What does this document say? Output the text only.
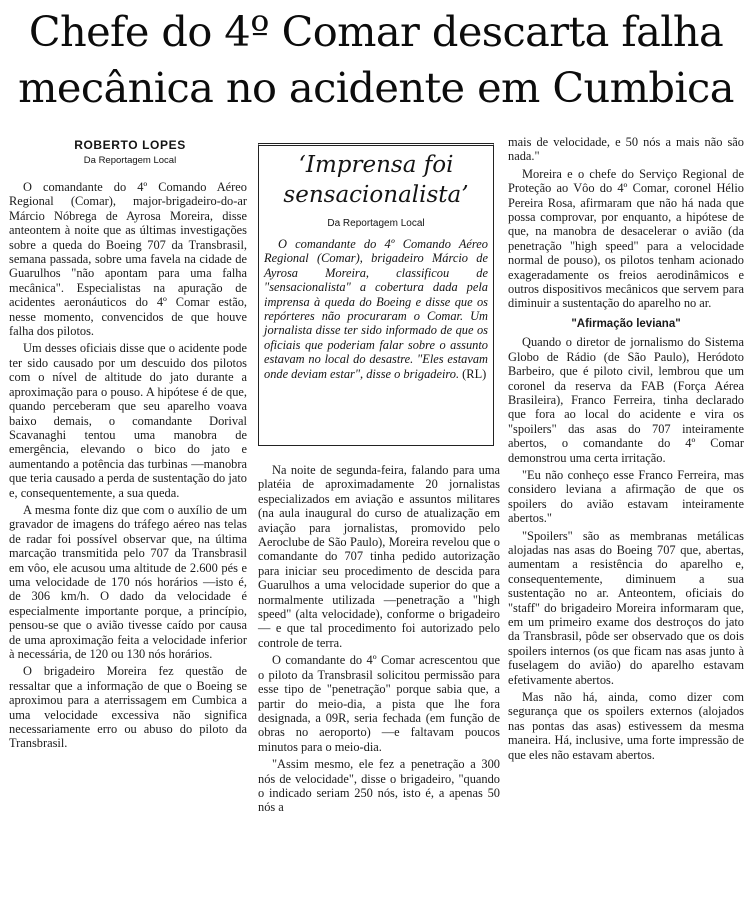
Chefe do 4º Comar descarta falha
mecânica no acidente em Cumbica
ROBERTO LOPES
Da Reportagem Local

O comandante do 4º Comando Aéreo Regional (Comar), major-brigadeiro-do-ar Márcio Nóbrega de Ayrosa Moreira, disse anteontem à noite que as últimas investigações sobre a queda do Boeing 707 da Transbrasil, semana passada, sobre uma favela na cidade de Guarulhos "não apontam para uma falha mecânica". Especialistas na apuração de acidentes aeronáuticos do 4º Comar estão, nesse momento, convencidos de que houve falha dos pilotos.

Um desses oficiais disse que o acidente pode ter sido causado por um descuido dos pilotos com o nível de altitude do jato durante a aproximação para o pouso. A hipótese é de que, quando perceberam que seu aparelho voava baixo demais, o comandante Dorival Scavanaghi tentou uma manobra de emergência, elevando o bico do jato e aumentando a potência das turbinas —manobra que teria causado a perda de sustentação do jato e, consequentemente, a sua queda.

A mesma fonte diz que com o auxílio de um gravador de imagens do tráfego aéreo nas telas de radar foi possível observar que, na última marcação transmitida pelo 707 da Transbrasil em vôo, ele acusou uma altitude de 2.600 pés e uma velocidade de 170 nós horários —isto é, de 306 km/h. O dado da velocidade é especialmente importante porque, a princípio, pensou-se que o avião tivesse caído por causa de uma aproximação feita a velocidade inferior à necessária, de 120 ou 130 nós horários.

O brigadeiro Moreira fez questão de ressaltar que a informação de que o Boeing se aproximou para a aterrissagem em Cumbica a uma velocidade excessiva não significa necessariamente erro ou abuso do piloto da Transbrasil.

‘Imprensa foi
sensacionalista’
Da Reportagem Local
O comandante do 4º Comando Aéreo Regional (Comar), brigadeiro Márcio de Ayrosa Moreira, classificou de "sensacionalista" a cobertura dada pela imprensa à queda do Boeing e disse que os repórteres não procuraram o Comar. Um jornalista disse ter sido informado de que os oficiais que poderiam falar sobre o assunto estavam no local do desastre. "Eles estavam onde deviam estar", disse o brigadeiro. (RL)

Na noite de segunda-feira, falando para uma platéia de aproximadamente 20 jornalistas especializados em aviação e assuntos militares (na aula inaugural do curso de atualização em aviação para jornalistas, promovido pelo Aeroclube de São Paulo), Moreira revelou que o comandante do 707 tinha pedido autorização para iniciar seu procedimento de descida para Guarulhos a uma velocidade superior do que a normalmente utilizada —penetração a "high speed" (alta velocidade), conforme o brigadeiro— e que tal procedimento foi autorizado pelo controle de terra.

O comandante do 4º Comar acrescentou que o piloto da Transbrasil solicitou permissão para esse tipo de "penetração" porque sabia que, a partir do meio-dia, a pista que lhe fora designada, a 09R, seria fechada (em função de obras no aeroporto) —e faltavam poucos minutos para o meio-dia.

"Assim mesmo, ele fez a penetração a 300 nós de velocidade", disse o brigadeiro, "quando o indicado seriam 250 nós, isto é, a apenas 50 nós a

mais de velocidade, e 50 nós a mais não são nada."

Moreira e o chefe do Serviço Regional de Proteção ao Vôo do 4º Comar, coronel Hélio Pereira Rosa, afirmaram que não há nada que possa comprovar, por enquanto, a hipótese de que, na manobra de desacelerar o avião (da penetração "high speed" para a velocidade normal de pouso), os pilotos tenham acionado exageradamente os freios aerodinâmicos e outros dispositivos mecânicos que servem para diminuir a sustentação do aparelho no ar.

"Afirmação leviana"

Quando o diretor de jornalismo do Sistema Globo de Rádio (de São Paulo), Heródoto Barbeiro, que é piloto civil, lembrou que um coronel da reserva da FAB (Força Aérea Brasileira), Franco Ferreira, tinha declarado que fora ao local do acidente e vira os "spoilers" das asas do 707 inteiramente abertos, o comandante do 4º Comar demonstrou uma certa irritação.

"Eu não conheço esse Franco Ferreira, mas considero leviana a afirmação de que os spoilers do avião estavam inteiramente abertos."

"Spoilers" são as membranas metálicas alojadas nas asas do Boeing 707 que, abertas, aumentam a resistência do aparelho e, consequentemente, diminuem a sua sustentação no ar. Anteontem, oficiais do "staff" do brigadeiro Moreira informaram que, em um primeiro exame dos destroços do jato da Transbrasil, pôde ser observado que os dois spoilers internos (os que ficam nas asas junto à fuselagem do avião) do aparelho estavam efetivamente abertos.

Mas não há, ainda, como dizer com segurança que os spoilers externos (alojados nas pontas das asas) estivessem da mesma maneira. Há, inclusive, uma forte impressão de que eles não estavam abertos.
